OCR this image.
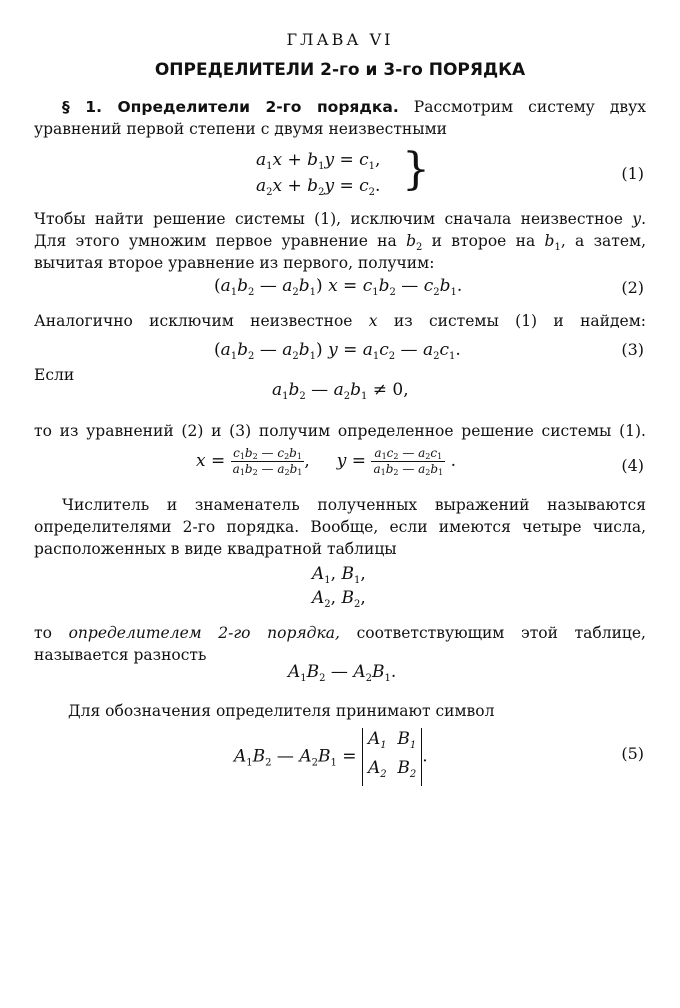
ГЛАВА VI
ОПРЕДЕЛИТЕЛИ 2-го и 3-го ПОРЯДКА
§ 1. Определители 2-го порядка. Рассмотрим систему двух
уравнений первой степени с двумя неизвестными
$a_1x + b_1y = c_1$,
$a_2x + b_2y = c_2$. }	(1)
Чтобы найти решение системы (1), исключим сначала неизвестное y.
Для этого умножим первое уравнение на $b_2$ и второе на $b_1$, а затем,
вычитая второе уравнение из первого, получим:
($a_1b_2$ — $a_2b_1$) $x = c_1b_2$ — $c_2b_1$.	(2)
Аналогично исключим неизвестное x из системы (1) и найдем:
($a_1b_2$ — $a_2b_1$) $y = a_1c_2$ — $a_2c_1$.	(3)
Если
$a_1b_2$ — $a_2b_1 \ne 0$,
то из уравнений (2) и (3) получим определенное решение системы (1).
$x = \frac{c_1b_2 — c_2b_1}{a_1b_2 — a_2b_1}$ ,     $y = \frac{a_1c_2 — a_2c_1}{a_1b_2 — a_2b_1}$ .	(4)
Числитель и знаменатель полученных выражений называются
определителями 2-го порядка. Вообще, если имеются четыре числа,
расположенных в виде квадратной таблицы
$A_1$, $B_1$,
$A_2$, $B_2$,
то определителем 2-го порядка, соответствующим этой таблице,
называется разность
$A_1B_2$ — $A_2B_1$.
Для обозначения определителя принимают символ
$A_1B_2$ — $A_2B_1$ =
$A_1$  $B_1$
$A_2$  $B_2$
.	(5)
